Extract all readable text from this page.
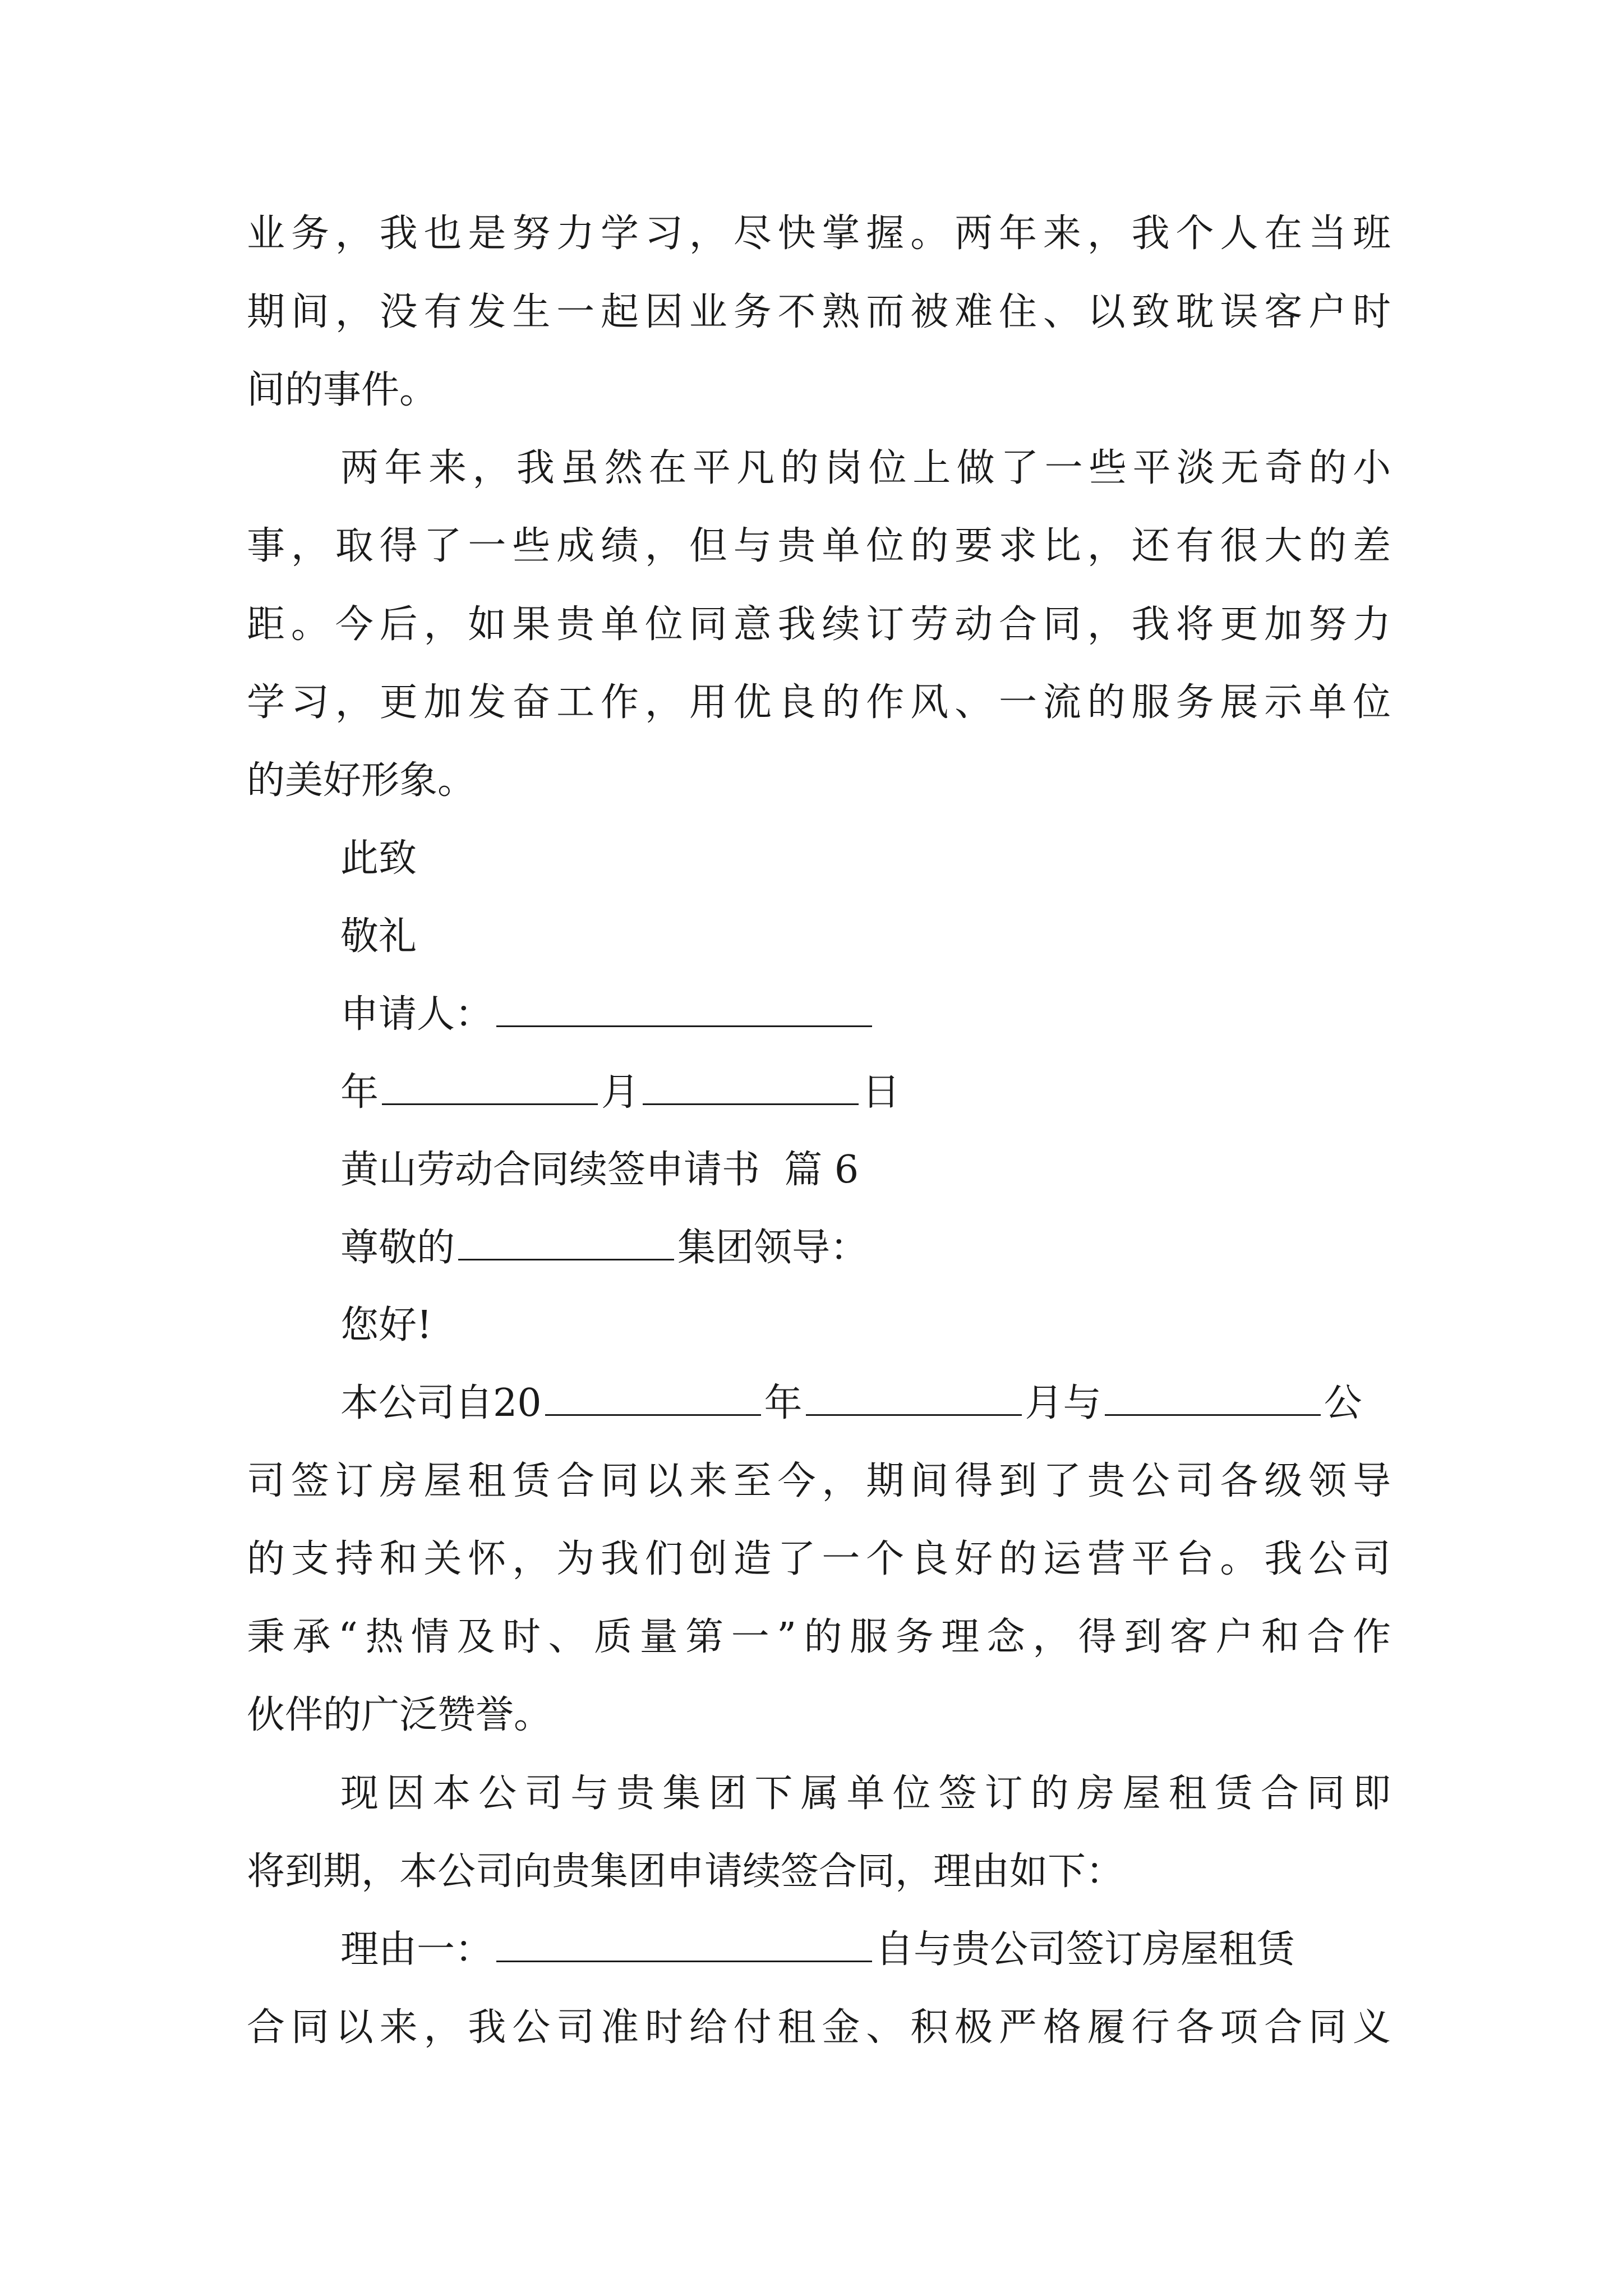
业务，我也是努力学习，尽快掌握。两年来，我个人在当班
期间，没有发生一起因业务不熟而被难住、以致耽误客户时
间的事件。
两年来，我虽然在平凡的岗位上做了一些平淡无奇的小
事，取得了一些成绩，但与贵单位的要求比，还有很大的差
距。今后，如果贵单位同意我续订劳动合同，我将更加努力
学习，更加发奋工作，用优良的作风、一流的服务展示单位
的美好形象。
此致
敬礼
申请人：
年	月	日
黄山劳动合同续签申请书  篇 6
尊敬的	集团领导：
您好!
本公司自20	年	月与	公
司签订房屋租赁合同以来至今，期间得到了贵公司各级领导
的支持和关怀，为我们创造了一个良好的运营平台。我公司
秉承“热情及时、质量第一”的服务理念，得到客户和合作
伙伴的广泛赞誉。
现因本公司与贵集团下属单位签订的房屋租赁合同即
将到期，本公司向贵集团申请续签合同，理由如下：
理由一：	自与贵公司签订房屋租赁
合同以来，我公司准时给付租金、积极严格履行各项合同义
